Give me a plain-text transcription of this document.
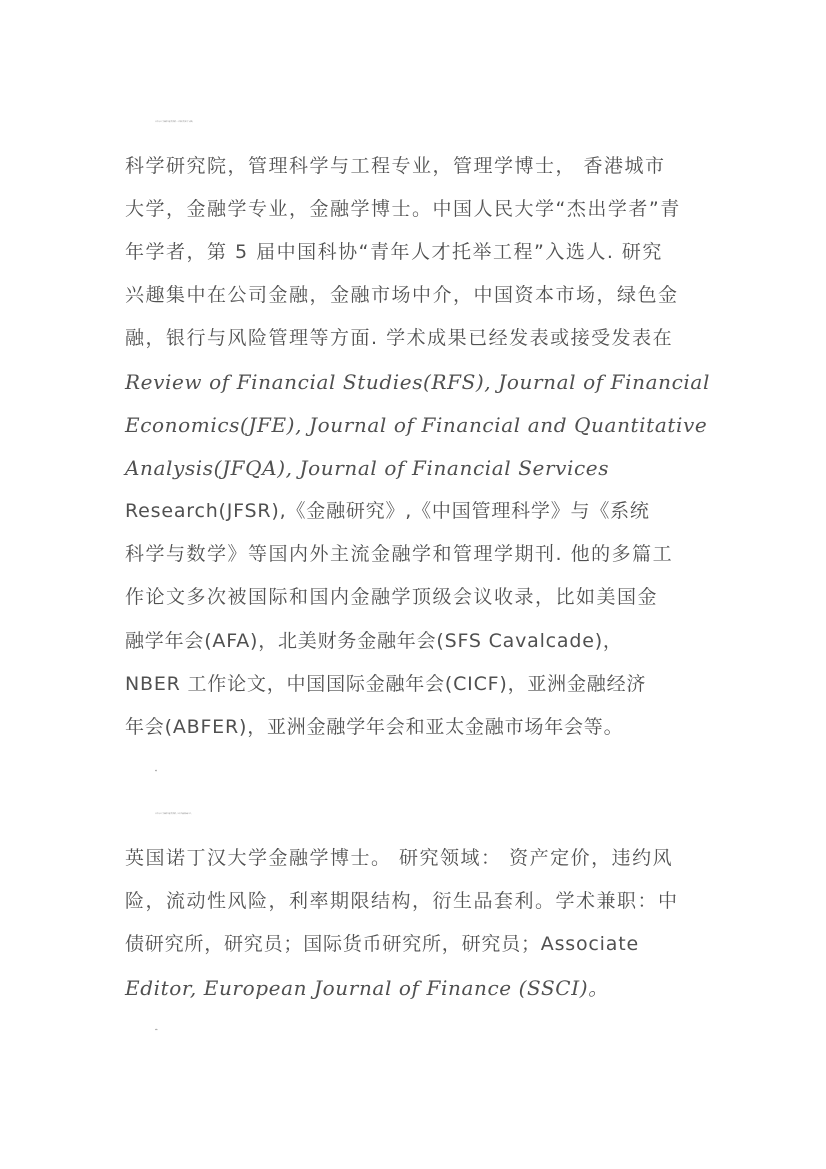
中国人民大学财政金融学院教授。中国科学院数学与系统
科学研究院，管理科学与工程专业，管理学博士， 香港城市
大学，金融学专业，金融学博士。中国人民大学“杰出学者”青
年学者，第 5 届中国科协“青年人才托举工程”入选人. 研究
兴趣集中在公司金融，金融市场中介，中国资本市场，绿色金
融，银行与风险管理等方面. 学术成果已经发表或接受发表在
Review of Financial Studies(RFS), Journal of Financial
Economics(JFE), Journal of Financial and Quantitative
Analysis(JFQA), Journal of Financial Services
Research(JFSR),《金融研究》,《中国管理科学》与《系统
科学与数学》等国内外主流金融学和管理学期刊. 他的多篇工
作论文多次被国际和国内金融学顶级会议收录，比如美国金
融学年会(AFA)，北美财务金融年会(SFS Cavalcade)，
NBER 工作论文，中国国际金融年会(CICF)，亚洲金融经济
年会(ABFER)，亚洲金融学年会和亚太金融市场年会等。
郭彪
中国人民大学财政金融学院教授，应用金融系系副主任，
英国诺丁汉大学金融学博士。 研究领域： 资产定价，违约风
险，流动性风险，利率期限结构，衍生品套利。学术兼职：中
债研究所，研究员；国际货币研究所，研究员；Associate
Editor, European Journal of Finance (SSCI)。
陆利平
